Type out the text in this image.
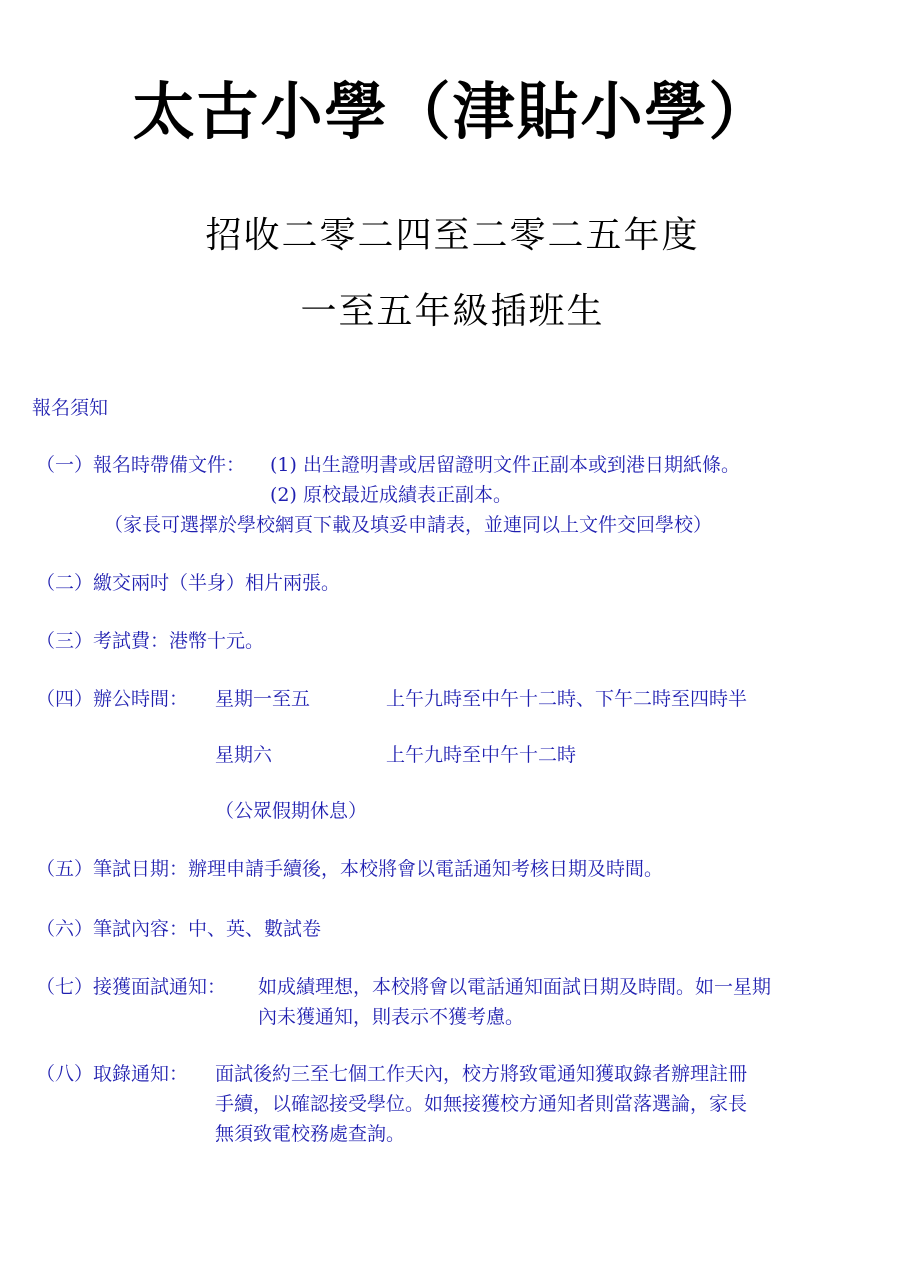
太古小學（津貼小學）
招收二零二四至二零二五年度
一至五年級插班生
報名須知
（一）報名時帶備文件： (1) 出生證明書或居留證明文件正副本或到港日期紙條。
(2) 原校最近成績表正副本。
（家長可選擇於學校網頁下載及填妥申請表，並連同以上文件交回學校）
（二）繳交兩吋（半身）相片兩張。
（三）考試費：港幣十元。
（四）辦公時間： 星期一至五	上午九時至中午十二時、下午二時至四時半
星期六	上午九時至中午十二時
（公眾假期休息）
（五）筆試日期：辦理申請手續後，本校將會以電話通知考核日期及時間。
（六）筆試內容：中、英、數試卷
（七）接獲面試通知： 如成績理想，本校將會以電話通知面試日期及時間。如一星期
內未獲通知，則表示不獲考慮。
（八）取錄通知： 面試後約三至七個工作天內，校方將致電通知獲取錄者辦理註冊
手續，以確認接受學位。如無接獲校方通知者則當落選論，家長
無須致電校務處查詢。
